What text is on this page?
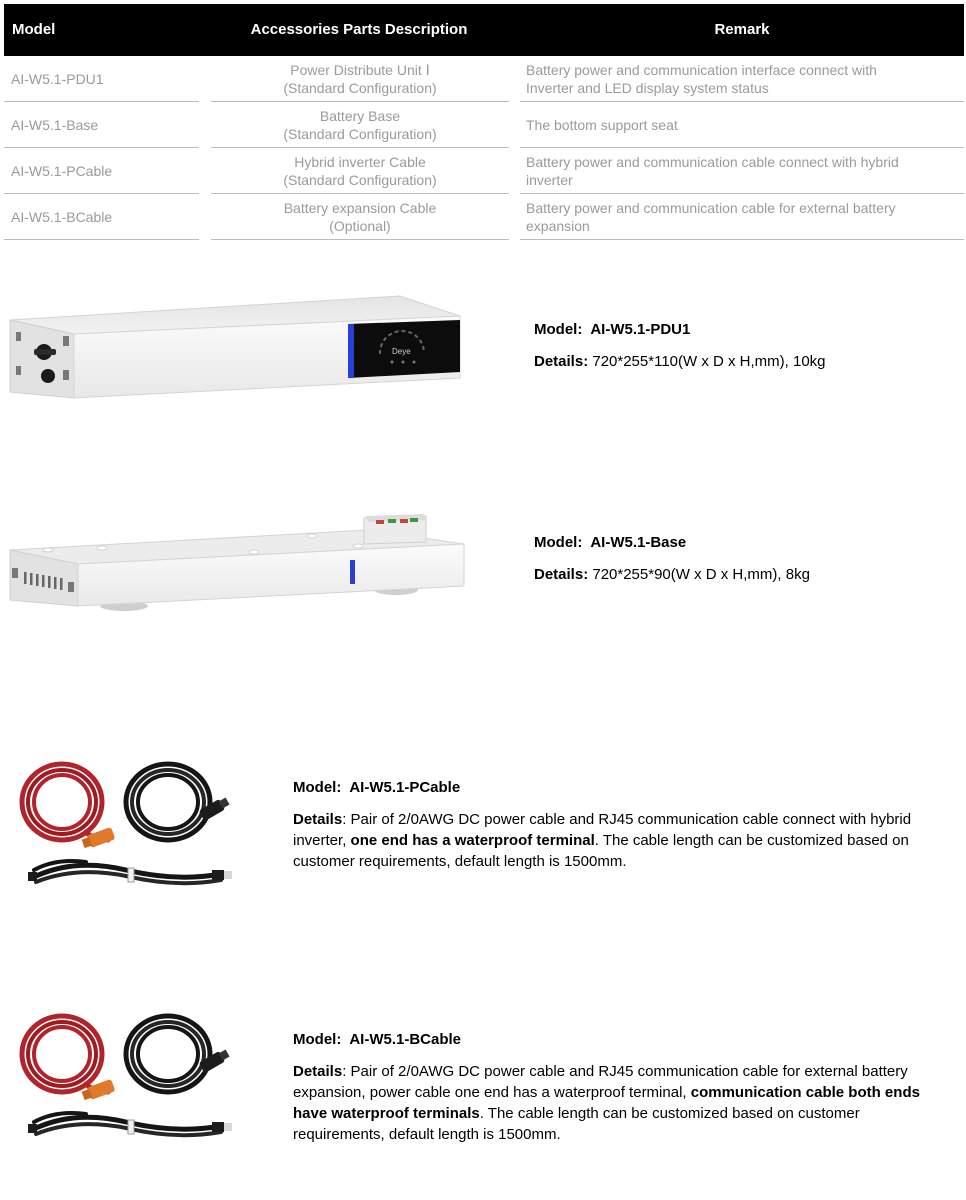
Model	Accessories Parts Description	Remark
AI-W5.1-PDU1
Power Distribute Unit Ⅰ
(Standard Configuration)
Battery power and communication interface connect with
Inverter and LED display system status
AI-W5.1-Base
Battery Base
(Standard Configuration)
The bottom support seat
AI-W5.1-PCable
Hybrid inverter Cable
(Standard Configuration)
Battery power and communication cable connect with hybrid
inverter
AI-W5.1-BCable
Battery expansion Cable
(Optional)
Battery power and communication cable for external battery
expansion
Deye
Model: AI-W5.1-PDU1
Details: 720*255*110(W x D x H,mm), 10kg
Model: AI-W5.1-Base
Details: 720*255*90(W x D x H,mm), 8kg
Model: AI-W5.1-PCable
Details: Pair of 2/0AWG DC power cable and RJ45 communication cable connect with hybrid inverter, one end has a waterproof terminal. The cable length can be customized based on customer requirements, default length is 1500mm.
Model: AI-W5.1-BCable
Details: Pair of 2/0AWG DC power cable and RJ45 communication cable for external battery expansion, power cable one end has a waterproof terminal, communication cable both ends have waterproof terminals. The cable length can be customized based on customer requirements, default length is 1500mm.
